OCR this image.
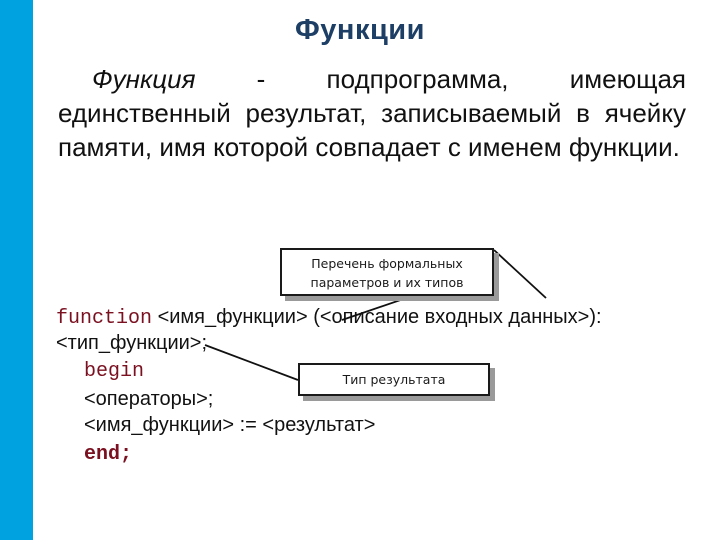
Функции
Функция - подпрограмма, имеющая единственный результат, записываемый в ячейку памяти, имя которой совпадает с именем функции.
function <имя_функции> (<описание входных данных>):
<тип_функции>;
begin
<операторы>;
<имя_функции> := <результат>
end;
Перечень формальных
параметров и их типов
Тип результата
